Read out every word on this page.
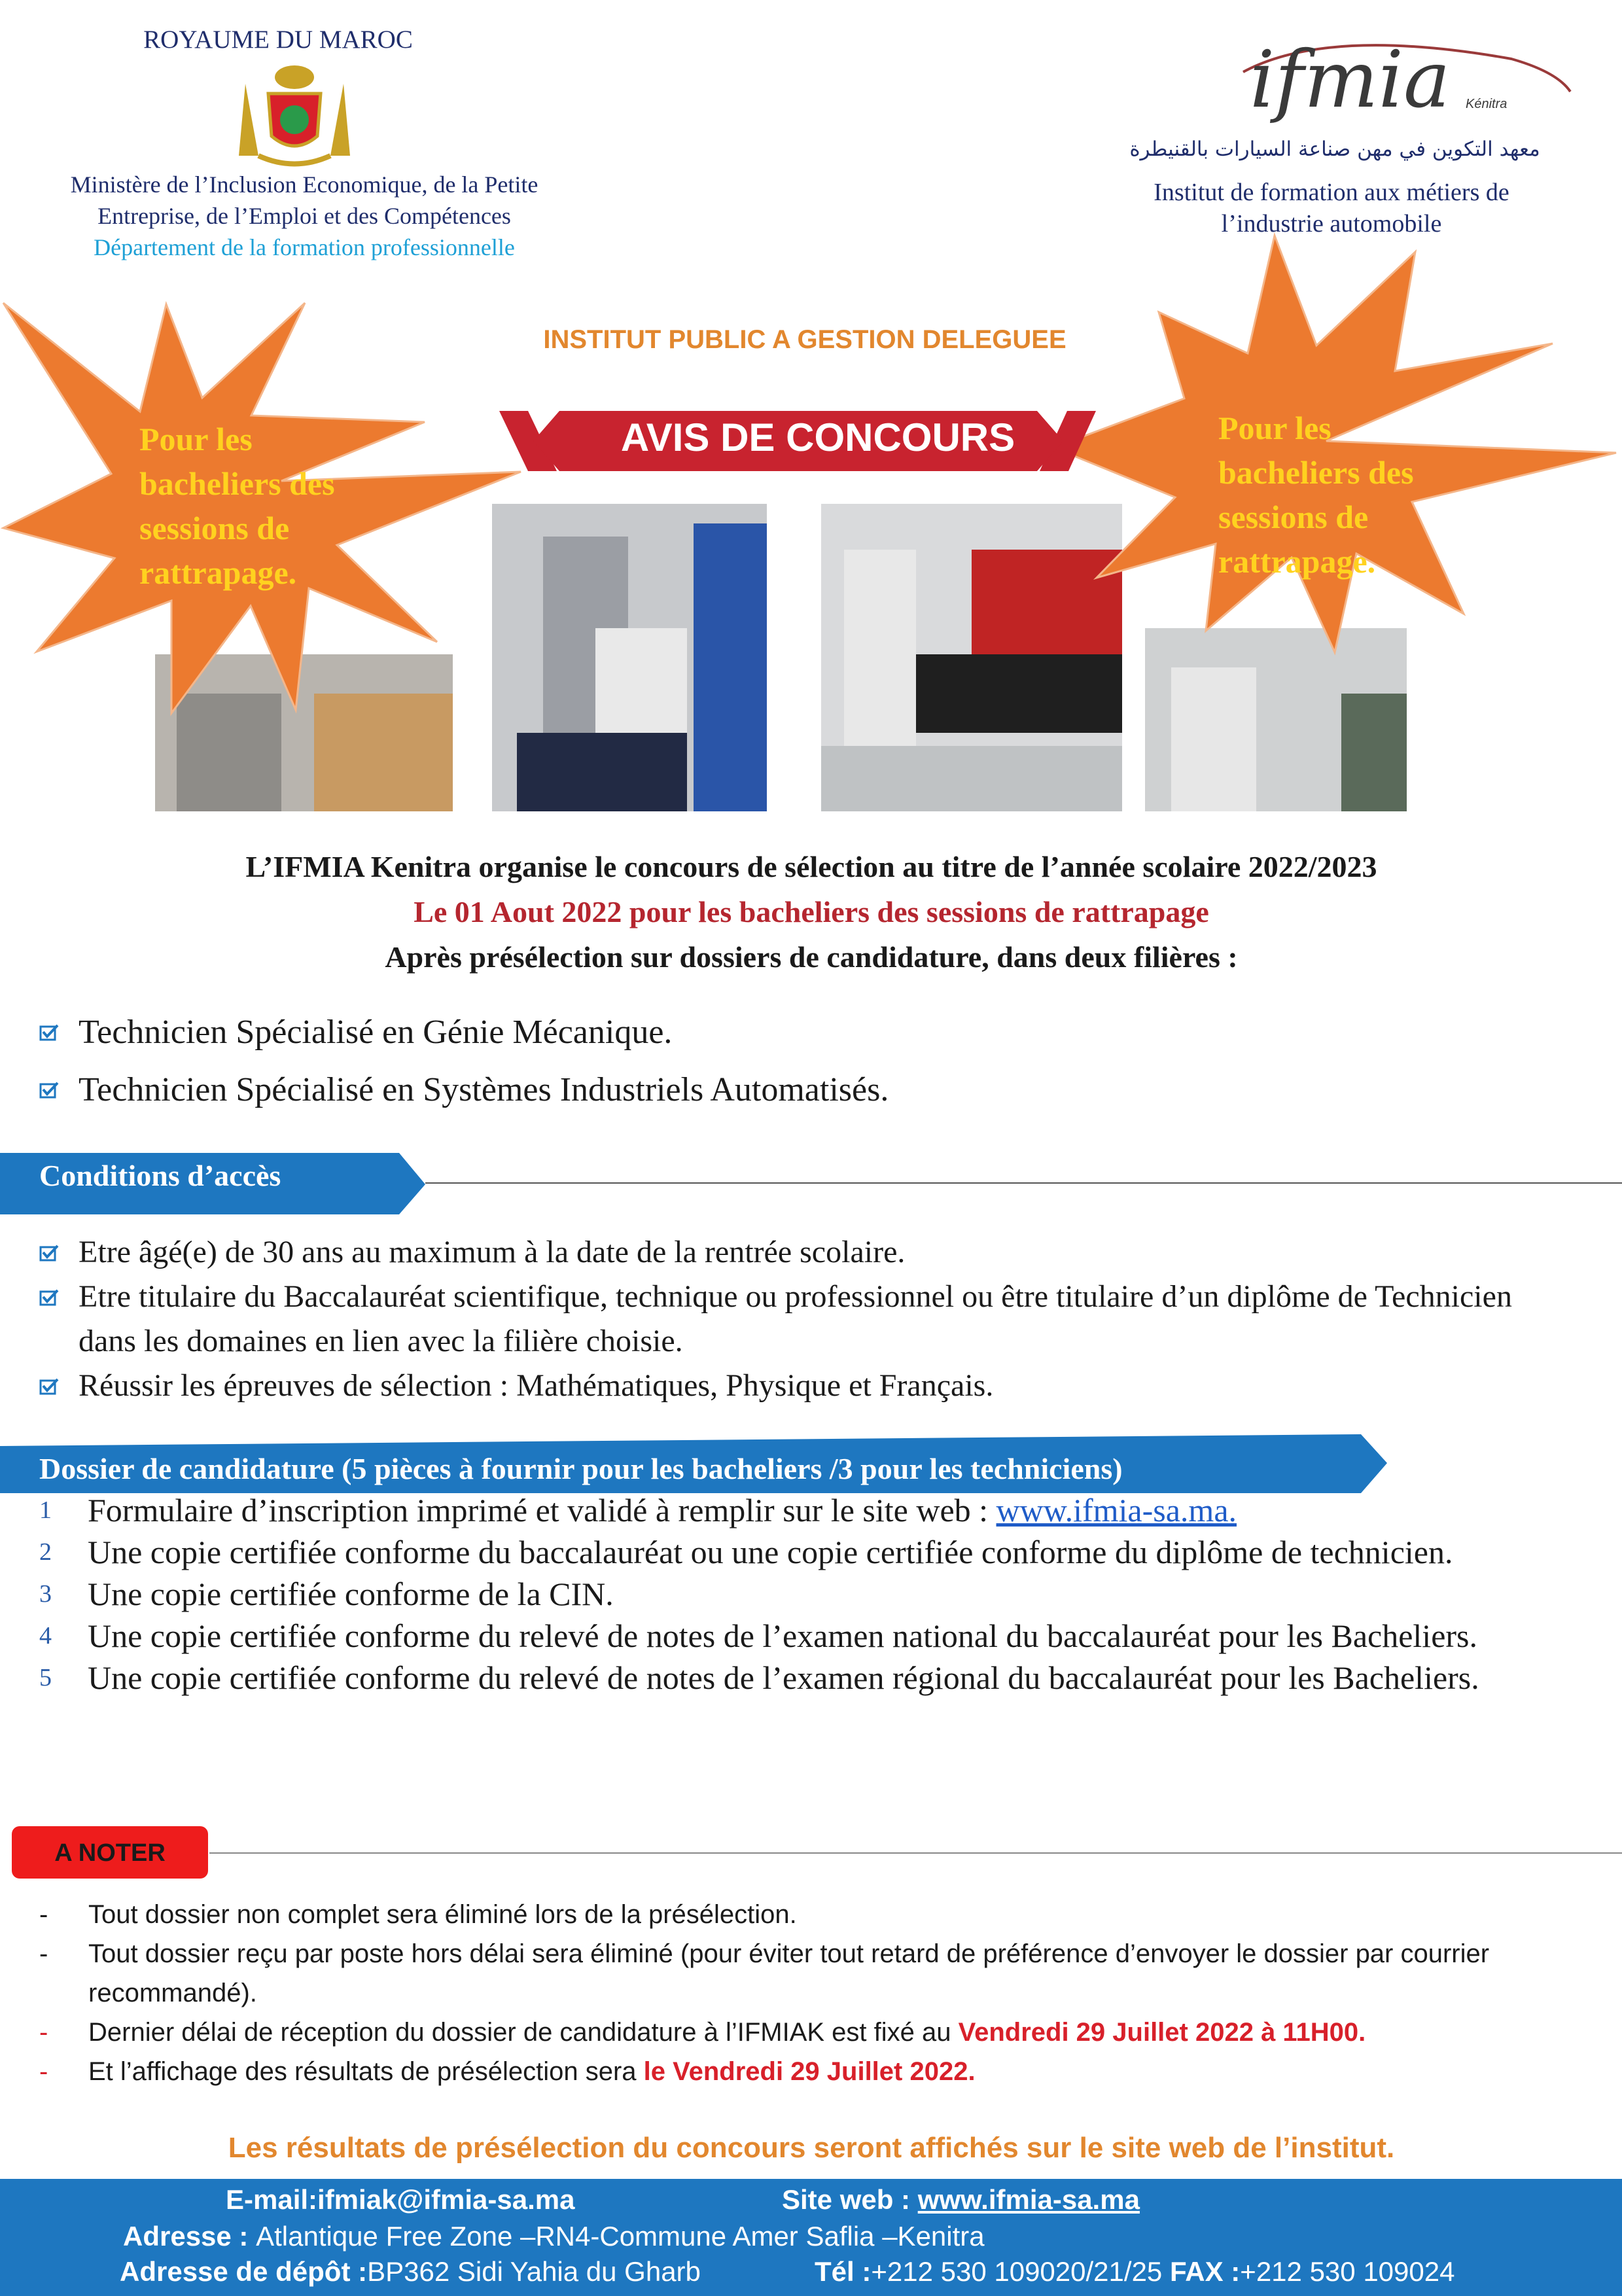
ROYAUME DU MAROC
Ministère de l’Inclusion Economique, de la Petite
Entreprise, de l’Emploi et des Compétences
Département de la formation professionnelle
ifmia Kénitra
معهد التكوين في مهن صناعة السيارات بالقنيطرة
Institut de formation aux métiers de
l’industrie automobile
Pour les
bacheliers des
sessions de
rattrapage.
Pour les
bacheliers des
sessions de
rattrapage.
INSTITUT PUBLIC A GESTION DELEGUEE
AVIS DE CONCOURS
L’IFMIA Kenitra organise le concours de sélection au titre de l’année scolaire 2022/2023
Le 01 Aout 2022 pour les bacheliers des sessions de rattrapage
Après présélection sur dossiers de candidature, dans deux filières :
Technicien Spécialisé en Génie Mécanique.
Technicien Spécialisé en Systèmes Industriels Automatisés.
Conditions d’accès
Etre âgé(e) de 30 ans au maximum à la date de la rentrée scolaire.
Etre titulaire du Baccalauréat scientifique, technique ou professionnel ou être titulaire d’un diplôme de Technicien dans les domaines en lien avec la filière choisie.
Réussir les épreuves de sélection : Mathématiques, Physique et Français.
Dossier de candidature (5 pièces à fournir pour les bacheliers /3 pour les techniciens)
1 Formulaire d’inscription imprimé et validé à remplir sur le site web : www.ifmia-sa.ma.
2 Une copie certifiée conforme du baccalauréat ou une copie certifiée conforme du diplôme de technicien.
3 Une copie certifiée conforme de la CIN.
4 Une copie certifiée conforme du relevé de notes de l’examen national du baccalauréat pour les Bacheliers.
5 Une copie certifiée conforme du relevé de notes de l’examen régional du baccalauréat pour les Bacheliers.
A NOTER
- Tout dossier non complet sera éliminé lors de la présélection.
- Tout dossier reçu par poste hors délai sera éliminé (pour éviter tout retard de préférence d’envoyer le dossier par courrier recommandé).
- Dernier délai de réception du dossier de candidature à l’IFMIAK est fixé au Vendredi 29 Juillet 2022 à 11H00.
- Et l’affichage des résultats de présélection sera le Vendredi 29 Juillet 2022.
Les résultats de présélection du concours seront affichés sur le site web de l’institut.
E-mail:ifmiak@ifmia-sa.ma	Site web : www.ifmia-sa.ma
Adresse : Atlantique Free Zone –RN4-Commune Amer Saflia –Kenitra
Adresse de dépôt :BP362 Sidi Yahia du Gharb	Tél :+212 530 109020/21/25 FAX :+212 530 109024
